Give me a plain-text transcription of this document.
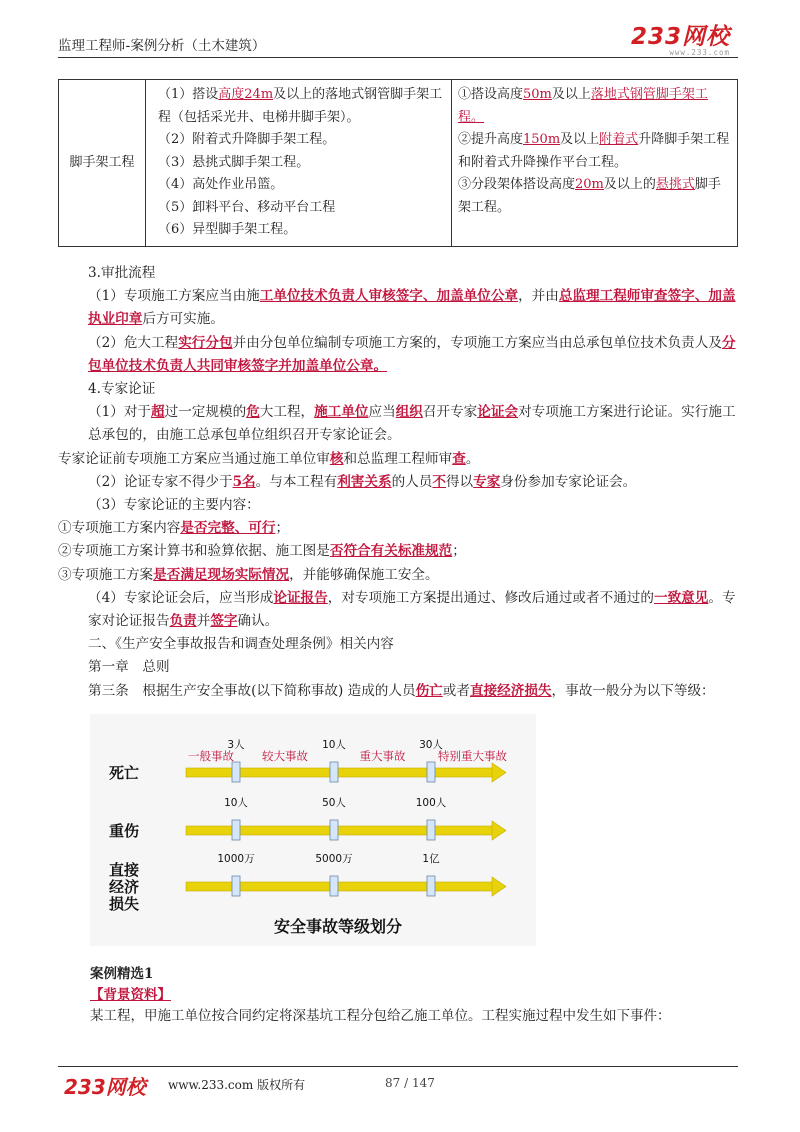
监理工程师-案例分析（土木建筑）	233网校
www.233.com
脚手架工程	
（1）搭设高度24m及以上的落地式钢管脚手架工程（包括采光井、电梯井脚手架）。
（2）附着式升降脚手架工程。
（3）悬挑式脚手架工程。
（4）高处作业吊篮。
（5）卸料平台、移动平台工程
（6）异型脚手架工程。

①搭设高度50m及以上落地式钢管脚手架工程。
②提升高度150m及以上附着式升降脚手架工程和附着式升降操作平台工程。
③分段架体搭设高度20m及以上的悬挑式脚手架工程。
3.审批流程
（1）专项施工方案应当由施工单位技术负责人审核签字、加盖单位公章，并由总监理工程师审查签字、加盖执业印章后方可实施。
（2）危大工程实行分包并由分包单位编制专项施工方案的，专项施工方案应当由总承包单位技术负责人及分包单位技术负责人共同审核签字并加盖单位公章。
4.专家论证
（1）对于超过一定规模的危大工程，施工单位应当组织召开专家论证会对专项施工方案进行论证。实行施工总承包的，由施工总承包单位组织召开专家论证会。
专家论证前专项施工方案应当通过施工单位审核和总监理工程师审查。
（2）论证专家不得少于5名。与本工程有利害关系的人员不得以专家身份参加专家论证会。
（3）专家论证的主要内容：
①专项施工方案内容是否完整、可行；
②专项施工方案计算书和验算依据、施工图是否符合有关标准规范；
③专项施工方案是否满足现场实际情况，并能够确保施工安全。
（4）专家论证会后，应当形成论证报告，对专项施工方案提出通过、修改后通过或者不通过的一致意见。专家对论证报告负责并签字确认。
二、《生产安全事故报告和调查处理条例》相关内容
第一章　总则
第三条　根据生产安全事故(以下简称事故) 造成的人员伤亡或者直接经济损失，事故一般分为以下等级：
死亡
3人	10人	30人
一般事故 较大事故	重大事故	特别重大事故
重伤
10人	50人	100人
直接
经济
损失
1000万	5000万	1亿
安全事故等级划分
案例精选1
【背景资料】
某工程，甲施工单位按合同约定将深基坑工程分包给乙施工单位。工程实施过程中发生如下事件：
233网校 www.233.com 版权所有	87 / 147
